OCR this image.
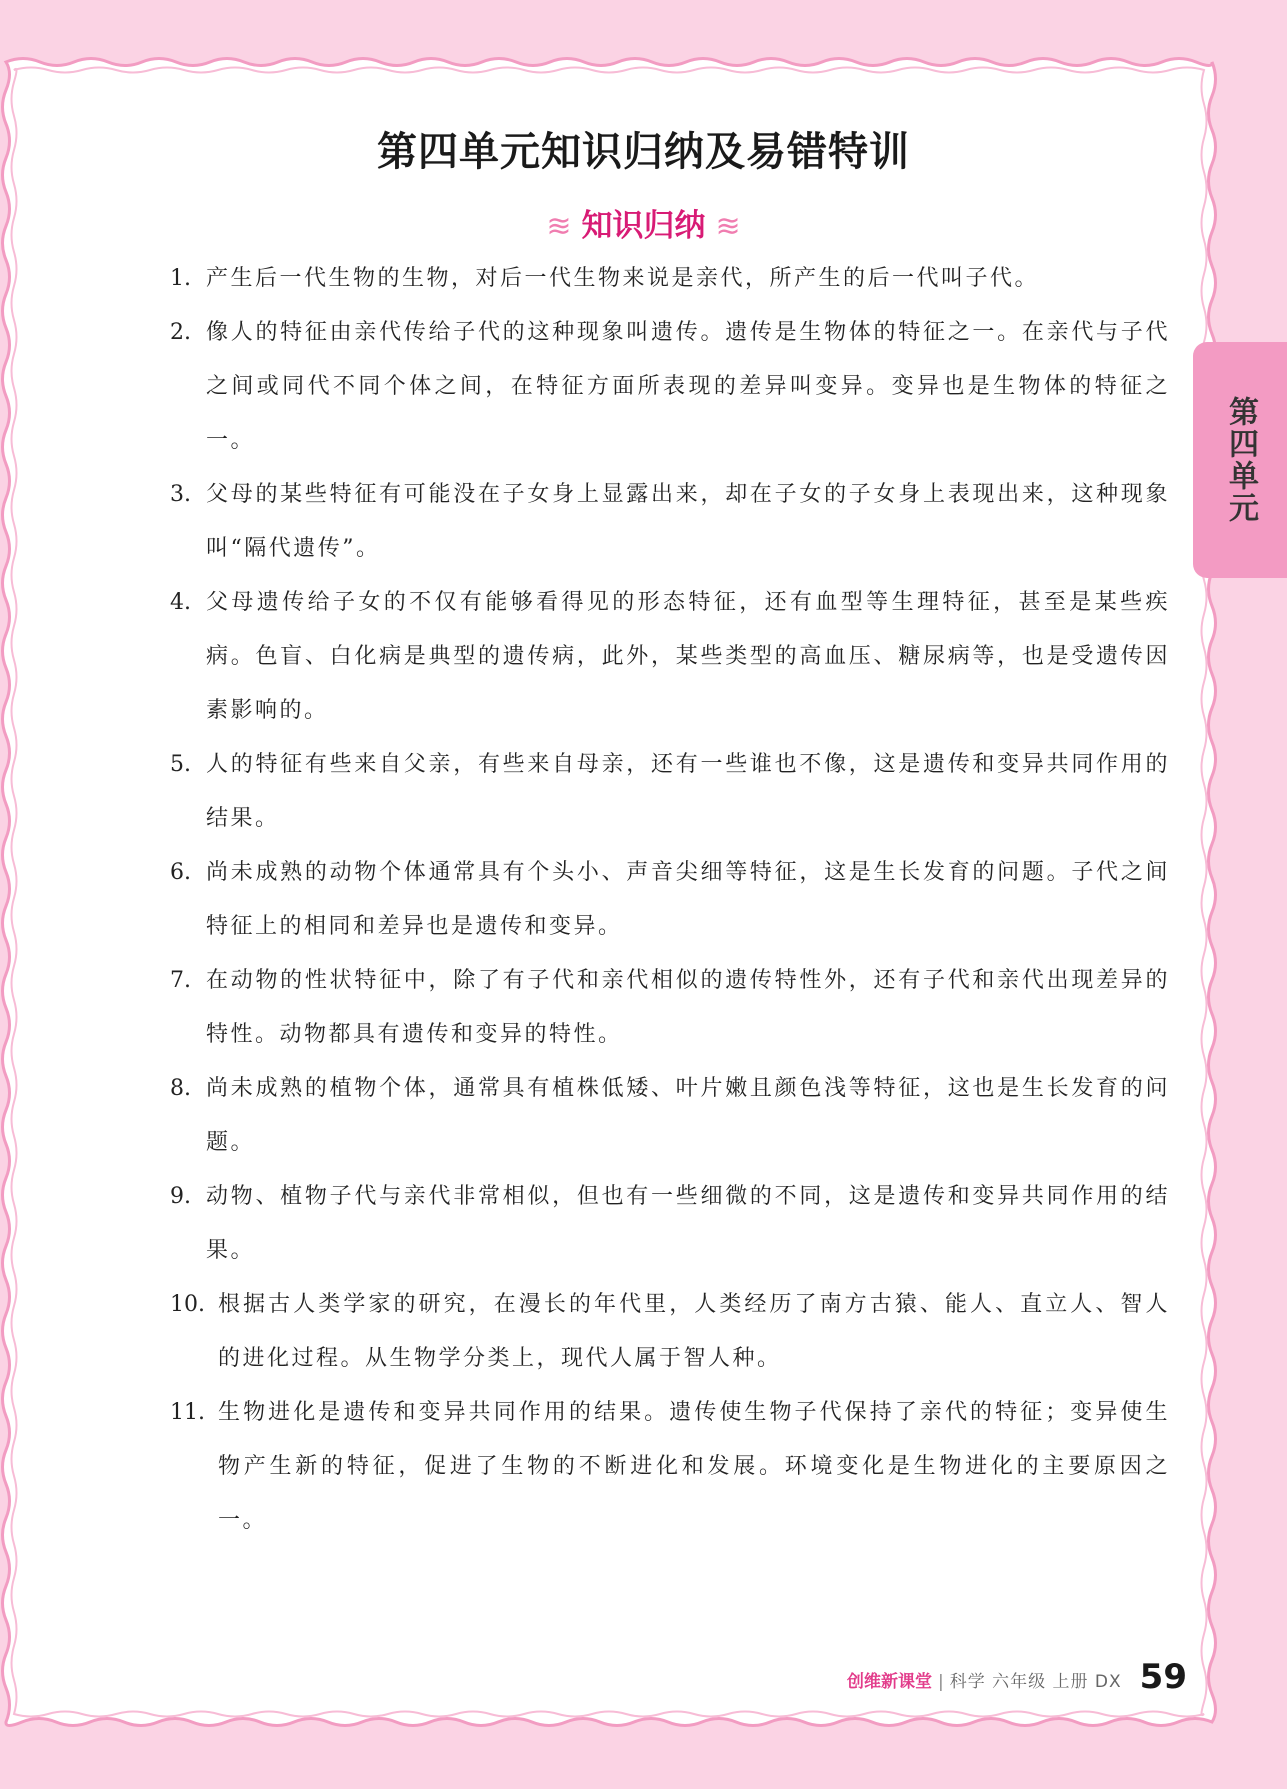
第四单元知识归纳及易错特训
≋ 知识归纳 ≋
1. 产生后一代生物的生物，对后一代生物来说是亲代，所产生的后一代叫子代。
2. 像人的特征由亲代传给子代的这种现象叫遗传。遗传是生物体的特征之一。在亲代与子代之间或同代不同个体之间，在特征方面所表现的差异叫变异。变异也是生物体的特征之一。
3. 父母的某些特征有可能没在子女身上显露出来，却在子女的子女身上表现出来，这种现象叫“隔代遗传”。
4. 父母遗传给子女的不仅有能够看得见的形态特征，还有血型等生理特征，甚至是某些疾病。色盲、白化病是典型的遗传病，此外，某些类型的高血压、糖尿病等，也是受遗传因素影响的。
5. 人的特征有些来自父亲，有些来自母亲，还有一些谁也不像，这是遗传和变异共同作用的结果。
6. 尚未成熟的动物个体通常具有个头小、声音尖细等特征，这是生长发育的问题。子代之间特征上的相同和差异也是遗传和变异。
7. 在动物的性状特征中，除了有子代和亲代相似的遗传特性外，还有子代和亲代出现差异的特性。动物都具有遗传和变异的特性。
8. 尚未成熟的植物个体，通常具有植株低矮、叶片嫩且颜色浅等特征，这也是生长发育的问题。
9. 动物、植物子代与亲代非常相似，但也有一些细微的不同，这是遗传和变异共同作用的结果。
10. 根据古人类学家的研究，在漫长的年代里，人类经历了南方古猿、能人、直立人、智人的进化过程。从生物学分类上，现代人属于智人种。
11. 生物进化是遗传和变异共同作用的结果。遗传使生物子代保持了亲代的特征；变异使生物产生新的特征，促进了生物的不断进化和发展。环境变化是生物进化的主要原因之一。
第四单元
创维新课堂 | 科学 六年级 上册 DX 59
